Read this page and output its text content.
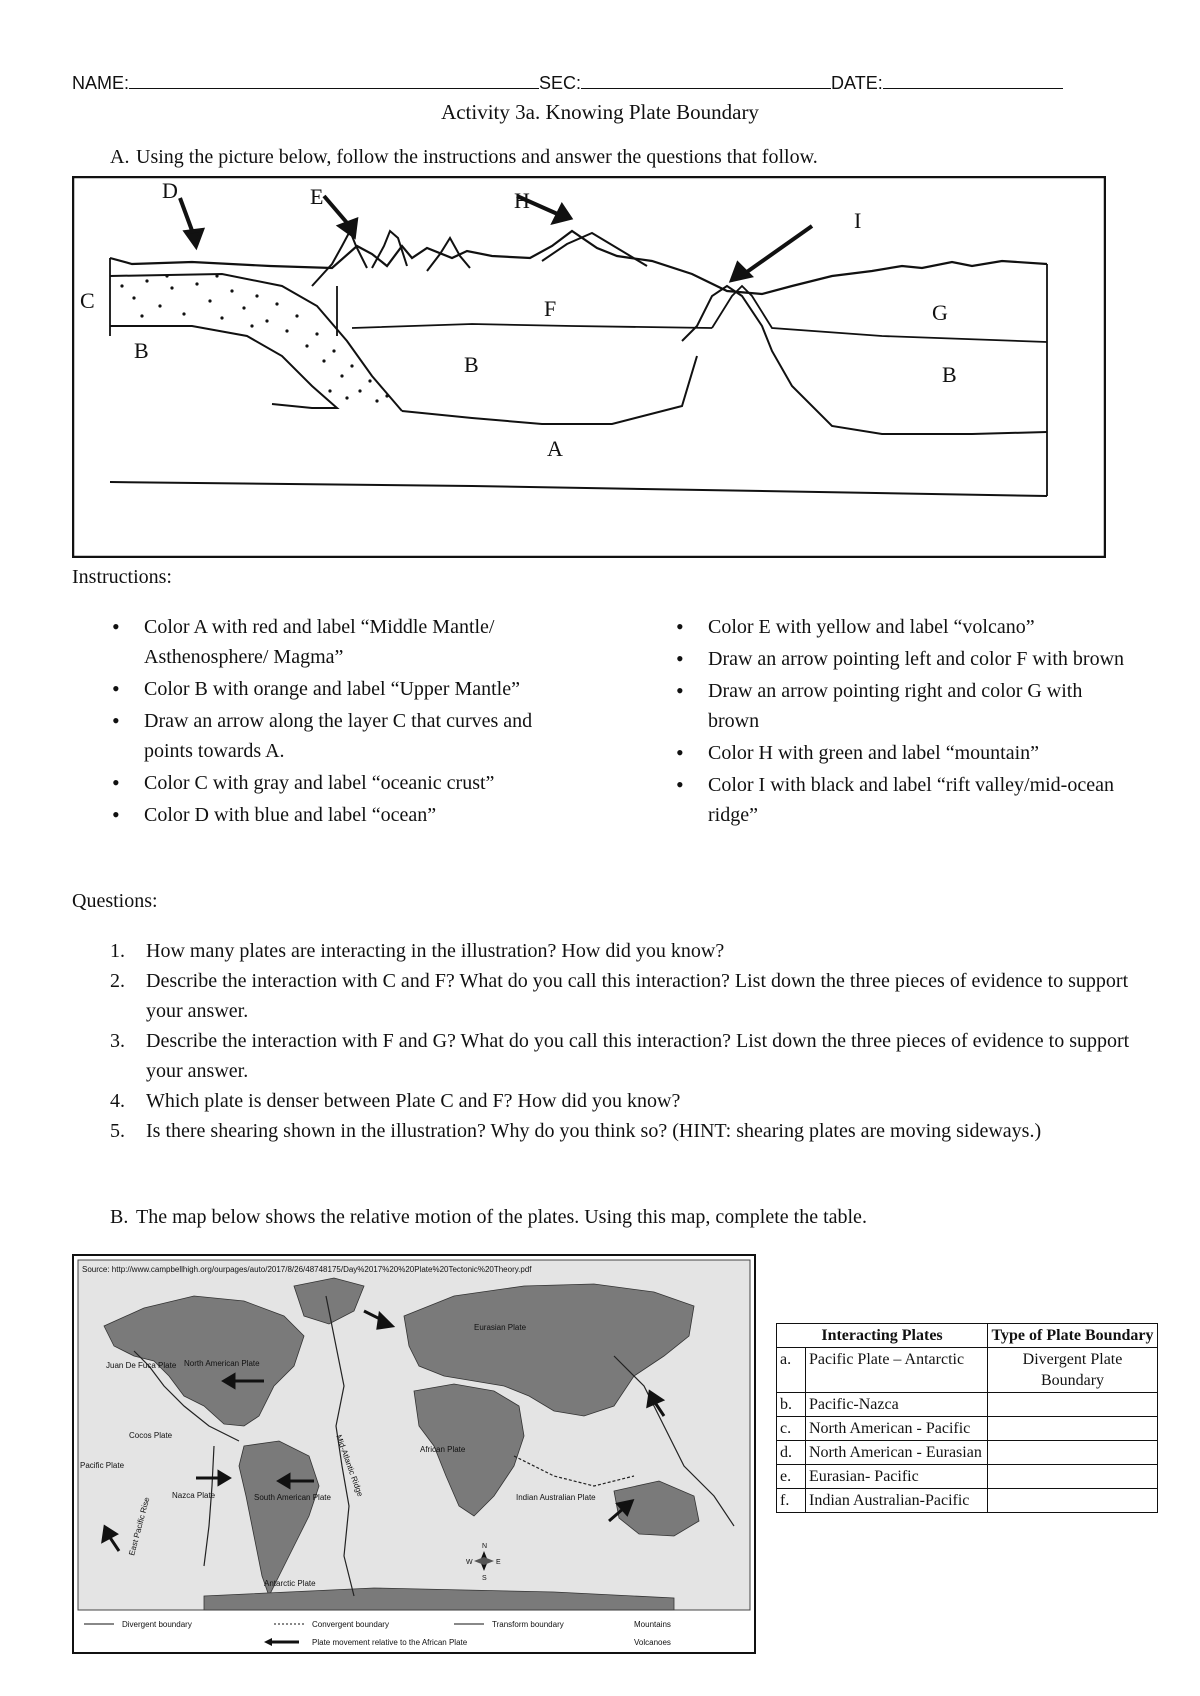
NAME:	SEC:	DATE:
Activity 3a. Knowing Plate Boundary
A. Using the picture below, follow the instructions and answer the questions that follow.
A
B
B	B
C
D	E
F	G
H
I
Instructions:
• Color A with red and label “Middle Mantle/ Asthenosphere/ Magma”
• Color B with orange and label “Upper Mantle”
• Draw an arrow along the layer C that curves and points towards A.
• Color C with gray and label “oceanic crust”
• Color D with blue and label “ocean”
• Color E with yellow and label “volcano”
• Draw an arrow pointing left and color F with brown
• Draw an arrow pointing right and color G with brown
• Color H with green and label “mountain”
• Color I with black and label “rift valley/mid-ocean ridge”
Questions:
1. How many plates are interacting in the illustration? How did you know?
2. Describe the interaction with C and F? What do you call this interaction? List down the three pieces of evidence to support your answer.
3. Describe the interaction with F and G? What do you call this interaction? List down the three pieces of evidence to support your answer.
4. Which plate is denser between Plate C and F? How did you know?
5. Is there shearing shown in the illustration? Why do you think so? (HINT: shearing plates are moving sideways.)
B. The map below shows the relative motion of the plates. Using this map, complete the table.
Source: http://www.campbellhigh.org/ourpages/auto/2017/8/26/48748175/Day%2017%20%20Plate%20Tectonic%20Theory.pdf
North American Plate
Juan De Fuca Plate
Cocos Plate
Pacific Plate
Nazca Plate	South American Plate
Eurasian Plate
African Plate
Indian Australian Plate
Antarctic Plate
East Pacific Rise
Mid-Atlantic Ridge
N
S
E
W
Divergent boundary	Convergent boundary	Transform boundary	Mountains
Plate movement relative to the African Plate	Volcanoes
Interacting Plates		Type of Plate Boundary
a.	Pacific Plate – Antarctic	Divergent Plate Boundary
b.	Pacific-Nazca	
c.	North American - Pacific	
d.	North American - Eurasian	
e.	Eurasian- Pacific	
f.	Indian Australian-Pacific	
